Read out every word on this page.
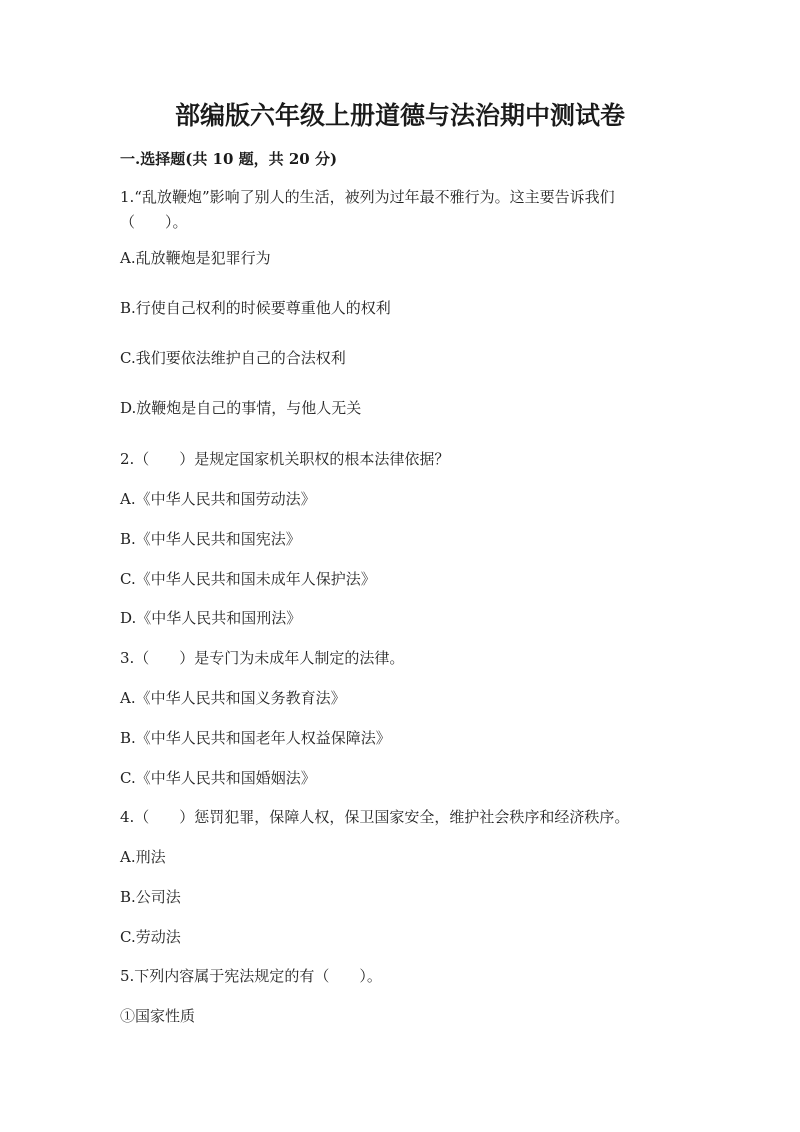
部编版六年级上册道德与法治期中测试卷
一.选择题(共 10 题，共 20 分)
1.“乱放鞭炮”影响了别人的生活，被列为过年最不雅行为。这主要告诉我们
（　　）。
A.乱放鞭炮是犯罪行为
B.行使自己权利的时候要尊重他人的权利
C.我们要依法维护自己的合法权利
D.放鞭炮是自己的事情，与他人无关
2.（　　）是规定国家机关职权的根本法律依据？
A.《中华人民共和国劳动法》
B.《中华人民共和国宪法》
C.《中华人民共和国未成年人保护法》
D.《中华人民共和国刑法》
3.（　　）是专门为未成年人制定的法律。
A.《中华人民共和国义务教育法》
B.《中华人民共和国老年人权益保障法》
C.《中华人民共和国婚姻法》
4.（　　）惩罚犯罪，保障人权，保卫国家安全，维护社会秩序和经济秩序。
A.刑法
B.公司法
C.劳动法
5.下列内容属于宪法规定的有（　　）。
①国家性质
